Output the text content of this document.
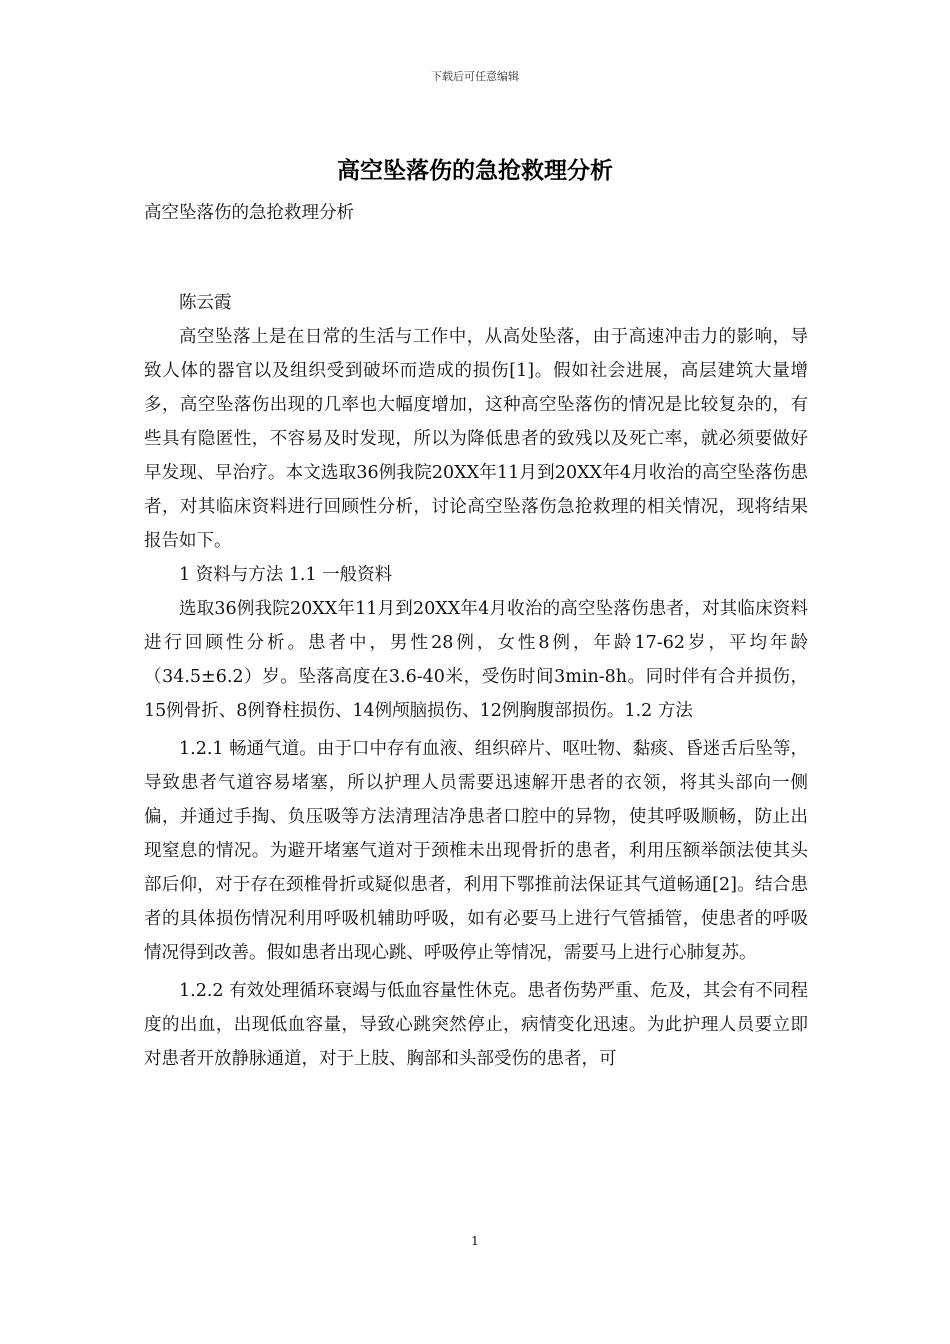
下载后可任意编辑
高空坠落伤的急抢救理分析

高空坠落伤的急抢救理分析

陈云霞

高空坠落上是在日常的生活与工作中，从高处坠落，由于高速冲击力的影响，导致人体的器官以及组织受到破坏而造成的损伤[1]。假如社会进展，高层建筑大量增多，高空坠落伤出现的几率也大幅度增加，这种高空坠落伤的情况是比较复杂的，有些具有隐匿性，不容易及时发现，所以为降低患者的致残以及死亡率，就必须要做好早发现、早治疗。本文选取36例我院20XX年11月到20XX年4月收治的高空坠落伤患者，对其临床资料进行回顾性分析，讨论高空坠落伤急抢救理的相关情况，现将结果报告如下。

1 资料与方法 1.1 一般资料

选取36例我院20XX年11月到20XX年4月收治的高空坠落伤患者，对其临床资料进行回顾性分析。患者中，男性28例，女性8例，年龄17-62岁，平均年龄（34.5±6.2）岁。坠落高度在3.6-40米，受伤时间3min-8h。同时伴有合并损伤，15例骨折、8例脊柱损伤、14例颅脑损伤、12例胸腹部损伤。1.2 方法

1.2.1 畅通气道。由于口中存有血液、组织碎片、呕吐物、黏痰、昏迷舌后坠等，导致患者气道容易堵塞，所以护理人员需要迅速解开患者的衣领，将其头部向一侧偏，并通过手掏、负压吸等方法清理洁净患者口腔中的异物，使其呼吸顺畅，防止出现窒息的情况。为避开堵塞气道对于颈椎未出现骨折的患者，利用压额举颌法使其头部后仰，对于存在颈椎骨折或疑似患者，利用下鄂推前法保证其气道畅通[2]。结合患者的具体损伤情况利用呼吸机辅助呼吸，如有必要马上进行气管插管，使患者的呼吸情况得到改善。假如患者出现心跳、呼吸停止等情况，需要马上进行心肺复苏。

1.2.2 有效处理循环衰竭与低血容量性休克。患者伤势严重、危及，其会有不同程度的出血，出现低血容量，导致心跳突然停止，病情变化迅速。为此护理人员要立即对患者开放静脉通道，对于上肢、胸部和头部受伤的患者，可

1
